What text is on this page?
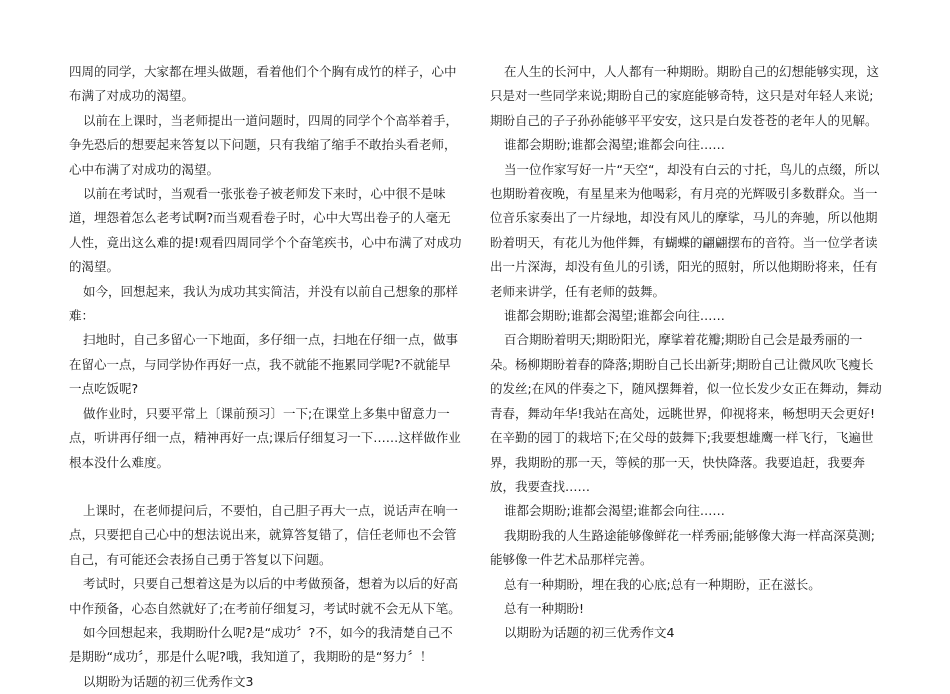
四周的同学，大家都在埋头做题，看着他们个个胸有成竹的样子，心中布满了对成功的渴望。

以前在上课时，当老师提出一道问题时，四周的同学个个高举着手，争先恐后的想要起来答复以下问题，只有我缩了缩手不敢抬头看老师，心中布满了对成功的渴望。

以前在考试时，当观看一张张卷子被老师发下来时，心中很不是味道，埋怨着怎么老考试啊?而当观看卷子时，心中大骂出卷子的人毫无人性，竟出这么难的提!观看四周同学个个奋笔疾书，心中布满了对成功的渴望。

如今，回想起来，我认为成功其实简洁，并没有以前自己想象的那样难：

扫地时，自己多留心一下地面，多仔细一点，扫地在仔细一点，做事在留心一点，与同学协作再好一点，我不就能不拖累同学呢?不就能早一点吃饭呢?

做作业时，只要平常上〔课前预习〕一下;在课堂上多集中留意力一点，听讲再仔细一点，精神再好一点;课后仔细复习一下……这样做作业根本没什么难度。

上课时，在老师提问后，不要怕，自己胆子再大一点，说话声在响一点，只要把自己心中的想法说出来，就算答复错了，信任老师也不会管自己，有可能还会表扬自己勇于答复以下问题。

考试时，只要自己想着这是为以后的中考做预备，想着为以后的好高中作预备，心态自然就好了;在考前仔细复习，考试时就不会无从下笔。

如今回想起来，我期盼什么呢?是“成功〞?不，如今的我清楚自己不是期盼“成功〞，那是什么呢?哦，我知道了，我期盼的是“努力〞！

以期盼为话题的初三优秀作文3

在人生的长河中，人人都有一种期盼。期盼自己的幻想能够实现，这只是对一些同学来说;期盼自己的家庭能够奇特，这只是对年轻人来说;期盼自己的子子孙孙能够平平安安，这只是白发苍苍的老年人的见解。

谁都会期盼;谁都会渴望;谁都会向往……

当一位作家写好一片“天空“，却没有白云的寸托，鸟儿的点缀，所以也期盼着夜晚，有星星来为他喝彩，有月亮的光辉吸引多数群众。当一位音乐家奏出了一片绿地，却没有风儿的摩挲，马儿的奔驰，所以他期盼着明天，有花儿为他伴舞，有蝴蝶的翩翩摆布的音符。当一位学者读出一片深海，却没有鱼儿的引诱，阳光的照射，所以他期盼将来，任有老师来讲学，任有老师的鼓舞。

谁都会期盼;谁都会渴望;谁都会向往……

百合期盼着明天;期盼阳光，摩挲着花瓣;期盼自己会是最秀丽的一朵。杨柳期盼着春的降落;期盼自己长出新芽;期盼自己让微风吹飞瘦长的发丝;在风的伴奏之下，随风摆舞着，似一位长发少女正在舞动，舞动青春，舞动年华!我站在高处，远眺世界，仰视将来，畅想明天会更好!在辛勤的园丁的栽培下;在父母的鼓舞下;我要想雄鹰一样飞行，飞遍世界，我期盼的那一天，等候的那一天，快快降落。我要追赶，我要奔放，我要查找……

谁都会期盼;谁都会渴望;谁都会向往……

我期盼我的人生路途能够像鲜花一样秀丽;能够像大海一样高深莫测;能够像一件艺术品那样完善。

总有一种期盼，埋在我的心底;总有一种期盼，正在滋长。

总有一种期盼!

以期盼为话题的初三优秀作文4
